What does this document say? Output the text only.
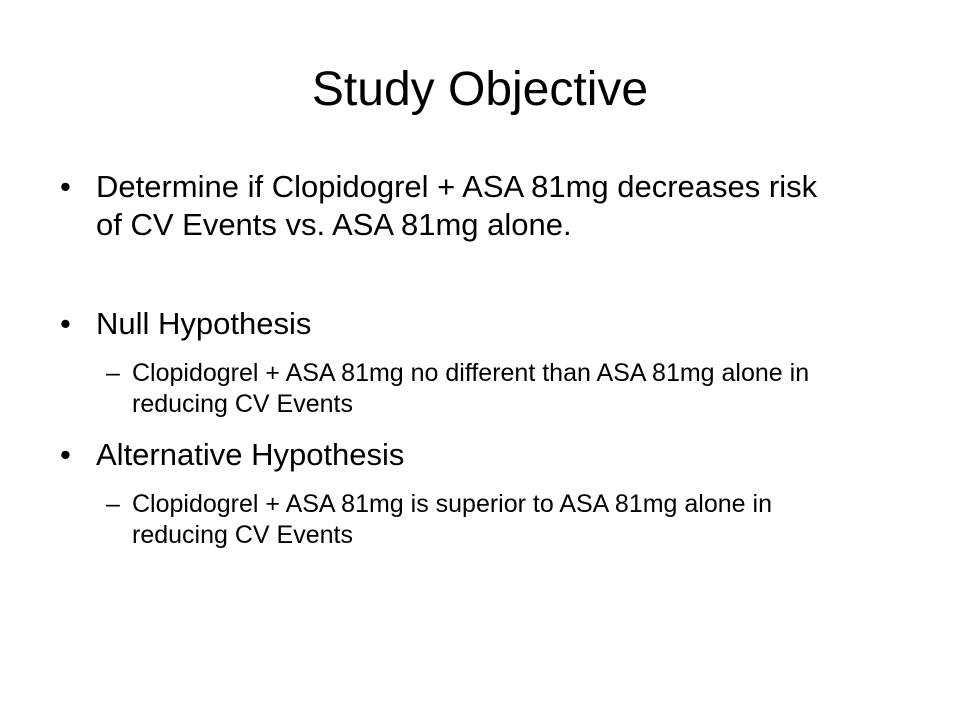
Study Objective
• Determine if Clopidogrel + ASA 81mg decreases risk of CV Events vs. ASA 81mg alone.
• Null Hypothesis
– Clopidogrel + ASA 81mg no different than ASA 81mg alone in reducing CV Events
• Alternative Hypothesis
– Clopidogrel + ASA 81mg is superior to ASA 81mg alone in reducing CV Events
